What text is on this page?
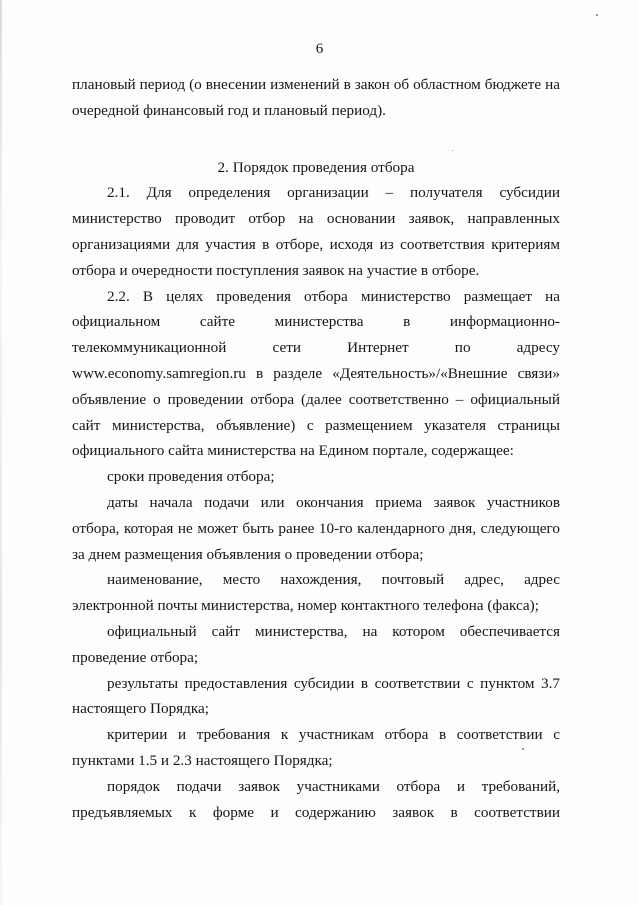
6
плановый период (о внесении изменений в закон об областном бюджете на
очередной финансовый год и плановый период).
2. Порядок проведения отбора
2.1. Для определения организации – получателя субсидии
министерство проводит отбор на основании заявок, направленных
организациями для участия в отборе, исходя из соответствия критериям
отбора и очередности поступления заявок на участие в отборе.
2.2. В целях проведения отбора министерство размещает на
официальном сайте министерства в информационно-
телекоммуникационной сети Интернет по адресу
www.economy.samregion.ru в разделе «Деятельность»/«Внешние связи»
объявление о проведении отбора (далее соответственно – официальный
сайт министерства, объявление) с размещением указателя страницы
официального сайта министерства на Едином портале, содержащее:
сроки проведения отбора;
даты начала подачи или окончания приема заявок участников
отбора, которая не может быть ранее 10-го календарного дня, следующего
за днем размещения объявления о проведении отбора;
наименование, место нахождения, почтовый адрес, адрес
электронной почты министерства, номер контактного телефона (факса);
официальный сайт министерства, на котором обеспечивается
проведение отбора;
результаты предоставления субсидии в соответствии с пунктом 3.7
настоящего Порядка;
критерии и требования к участникам отбора в соответствии с
пунктами 1.5 и 2.3 настоящего Порядка;
порядок подачи заявок участниками отбора и требований,
предъявляемых к форме и содержанию заявок в соответствии
